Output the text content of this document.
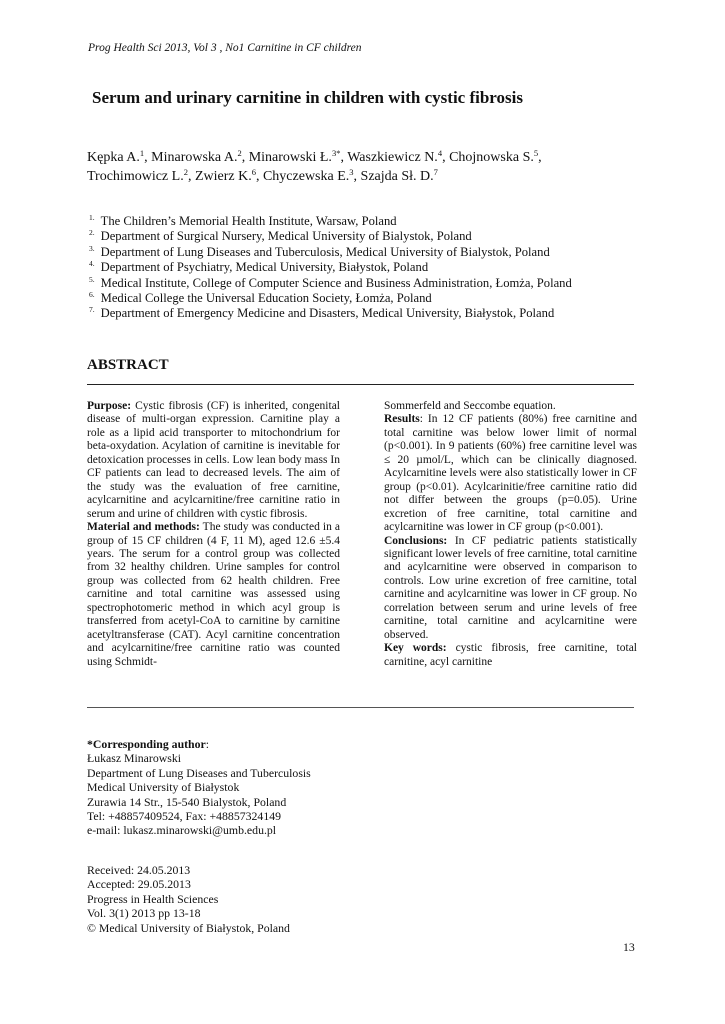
Prog Health Sci 2013, Vol 3 , No1 Carnitine in CF children
Serum and urinary carnitine in children with cystic fibrosis
Kępka A.$^1$, Minarowska A.$^2$, Minarowski Ł.$^{3*}$, Waszkiewicz N.$^4$, Chojnowska S.$^5$,
Trochimowicz L.$^2$, Zwierz K.$^6$, Chyczewska E.$^3$, Szajda Sł. D.$^7$
$^{1.}$ The Children’s Memorial Health Institute, Warsaw, Poland
$^{2.}$ Department of Surgical Nursery, Medical University of Bialystok, Poland
$^{3.}$ Department of Lung Diseases and Tuberculosis, Medical University of Bialystok, Poland
$^{4.}$ Department of Psychiatry, Medical University, Białystok, Poland
$^{5.}$ Medical Institute, College of Computer Science and Business Administration, Łomża, Poland
$^{6.}$ Medical College the Universal Education Society, Łomża, Poland
$^{7.}$ Department of Emergency Medicine and Disasters, Medical University, Białystok, Poland
ABSTRACT

Purpose: Cystic fibrosis (CF) is inherited, congenital disease of multi-organ expression. Carnitine play a role as a lipid acid transporter to mitochondrium for beta-oxydation. Acylation of carnitine is inevitable for detoxication processes in cells. Low lean body mass In CF patients can lead to decreased levels. The aim of the study was the evaluation of free carnitine, acylcarnitine and acylcarnitine/free carnitine ratio in serum and urine of children with cystic fibrosis.

Material and methods: The study was conducted in a group of 15 CF children (4 F, 11 M), aged 12.6 ±5.4 years. The serum for a control group was collected from 32 healthy children. Urine samples for control group was collected from 62 health children. Free carnitine and total carnitine was assessed using spectrophotomeric method in which acyl group is transferred from acetyl-CoA to carnitine by carnitine acetyltransferase (CAT). Acyl carnitine concentration and acylcarnitine/free carnitine ratio was counted using Schmidt-

Sommerfeld and Seccombe equation.

Results: In 12 CF patients (80%) free carnitine and total carnitine was below lower limit of normal (p<0.001). In 9 patients (60%) free carnitine level was ≤ 20 µmol/L, which can be clinically diagnosed. Acylcarnitine levels were also statistically lower in CF group (p<0.01). Acylcarinitie/free carnitine ratio did not differ between the groups (p=0.05). Urine excretion of free carnitine, total carnitine and acylcarnitine was lower in CF group (p<0.001).

Conclusions: In CF pediatric patients statistically significant lower levels of free carnitine, total carnitine and acylcarnitine were observed in comparison to controls. Low urine excretion of free carnitine, total carnitine and acylcarnitine was lower in CF group. No correlation between serum and urine levels of free carnitine, total carnitine and acylcarnitine were observed.

Key words: cystic fibrosis, free carnitine, total carnitine, acyl carnitine

*Corresponding author:
Łukasz Minarowski
Department of Lung Diseases and Tuberculosis
Medical University of Białystok
Zurawia 14 Str., 15-540 Bialystok, Poland
Tel: +48857409524, Fax: +48857324149
e-mail: lukasz.minarowski@umb.edu.pl
Received: 24.05.2013
Accepted: 29.05.2013
Progress in Health Sciences
Vol. 3(1) 2013 pp 13-18
© Medical University of Białystok, Poland
13
